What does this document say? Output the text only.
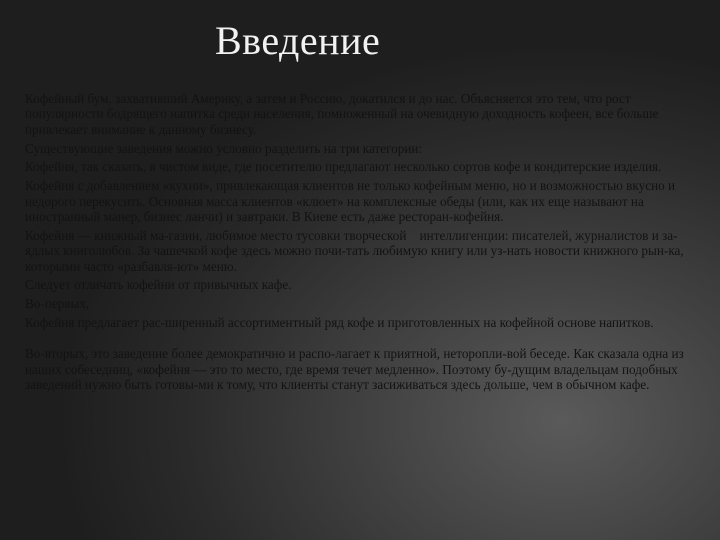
Введение

Кофейный бум, захвативший Америку, а затем и Россию, докатился и до нас. Объясняется это тем, что рост популярности бодрящего напитка среди населения, помноженный на очевидную доходность кофеен, все больше привлекает внимание к данному бизнесу.

Существующие заведения можно условно разделить на три категории:

Кофейня, так сказать, в чистом виде, где посетителю предлагают несколько сортов кофе и кондитерские изделия.

Кофейня с добавлением «кухни», привлекающая клиентов не только кофейным меню, но и возможностью вкусно и недорого перекусить. Основная масса клиентов «клюет» на комплексные обеды (или, как их еще называют на иностранный манер, бизнес ланчи) и завтраки. В Киеве есть даже ресторан-кофейня.

Кофейня — книжный ма-газин, любимое место тусовки творческой    интеллигенции: писателей, журналистов и за-ядлых книголюбов. За чашечкой кофе здесь можно почи-тать любимую книгу или уз-нать новости книжного рын-ка, которыми часто «разбавля-ют» меню.

Следует отличать кофейни от привычных кафе.

Во-первых,

Кофейня предлагает рас-ширенный ассортиментный ряд кофе и приготовленных на кофейной основе напитков.

Во-вторых, это заведение более демократично и распо-лагает к приятной, неторопли-вой беседе. Как сказала одна из наших собеседниц, «кофейня — это то место, где время течет медленно». Поэтому бу-дущим владельцам подобных заведений нужно быть готовы-ми к тому, что клиенты станут засиживаться здесь дольше, чем в обычном кафе.
